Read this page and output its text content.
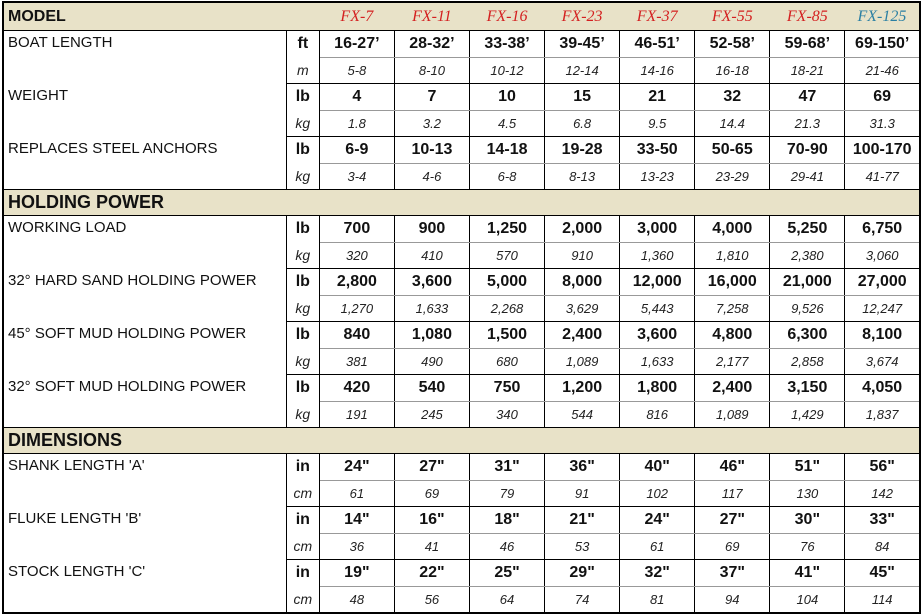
MODEL		FX-7	FX-11	FX-16	FX-23	FX-37	FX-55	FX-85	FX-125
BOAT LENGTH	ft	16-27’	28-32’	33-38’	39-45’	46-51’	52-58’	59-68’	69-150’
	m	5-8	8-10	10-12	12-14	14-16	16-18	18-21	21-46
WEIGHT	lb	4	7	10	15	21	32	47	69
	kg	1.8	3.2	4.5	6.8	9.5	14.4	21.3	31.3
REPLACES STEEL ANCHORS	lb	6-9	10-13	14-18	19-28	33-50	50-65	70-90	100-170
	kg	3-4	4-6	6-8	8-13	13-23	23-29	29-41	41-77
HOLDING POWER									
WORKING LOAD	lb	700	900	1,250	2,000	3,000	4,000	5,250	6,750
	kg	320	410	570	910	1,360	1,810	2,380	3,060
32° HARD SAND HOLDING POWER	lb	2,800	3,600	5,000	8,000	12,000	16,000	21,000	27,000
	kg	1,270	1,633	2,268	3,629	5,443	7,258	9,526	12,247
45° SOFT MUD HOLDING POWER	lb	840	1,080	1,500	2,400	3,600	4,800	6,300	8,100
	kg	381	490	680	1,089	1,633	2,177	2,858	3,674
32° SOFT MUD HOLDING POWER	lb	420	540	750	1,200	1,800	2,400	3,150	4,050
	kg	191	245	340	544	816	1,089	1,429	1,837
DIMENSIONS									
SHANK LENGTH 'A'	in	24"	27"	31"	36"	40"	46"	51"	56"
	cm	61	69	79	91	102	117	130	142
FLUKE LENGTH 'B'	in	14"	16"	18"	21"	24"	27"	30"	33"
	cm	36	41	46	53	61	69	76	84
STOCK LENGTH 'C'	in	19"	22"	25"	29"	32"	37"	41"	45"
	cm	48	56	64	74	81	94	104	114
